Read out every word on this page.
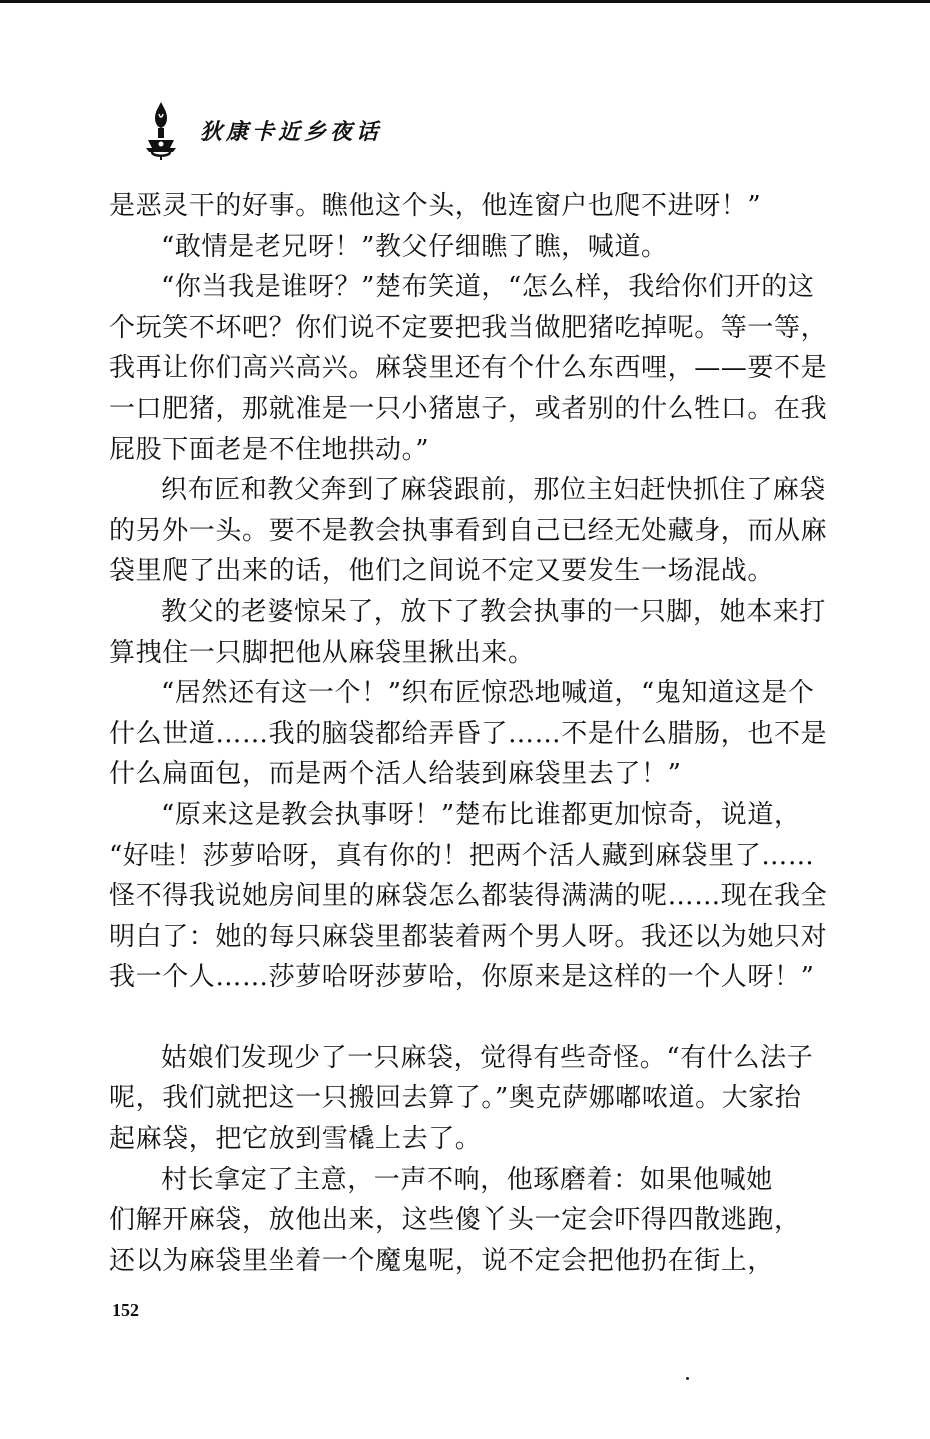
狄康卡近乡夜话
是恶灵干的好事。瞧他这个头，他连窗户也爬不进呀！”
“敢情是老兄呀！”教父仔细瞧了瞧，喊道。
“你当我是谁呀？”楚布笑道，“怎么样，我给你们开的这
个玩笑不坏吧？你们说不定要把我当做肥猪吃掉呢。等一等，
我再让你们高兴高兴。麻袋里还有个什么东西哩，——要不是
一口肥猪，那就准是一只小猪崽子，或者别的什么牲口。在我
屁股下面老是不住地拱动。”
织布匠和教父奔到了麻袋跟前，那位主妇赶快抓住了麻袋
的另外一头。要不是教会执事看到自己已经无处藏身，而从麻
袋里爬了出来的话，他们之间说不定又要发生一场混战。
教父的老婆惊呆了，放下了教会执事的一只脚，她本来打
算拽住一只脚把他从麻袋里揪出来。
“居然还有这一个！”织布匠惊恐地喊道，“鬼知道这是个
什么世道……我的脑袋都给弄昏了……不是什么腊肠，也不是
什么扁面包，而是两个活人给装到麻袋里去了！”
“原来这是教会执事呀！”楚布比谁都更加惊奇，说道，
“好哇！莎萝哈呀，真有你的！把两个活人藏到麻袋里了……
怪不得我说她房间里的麻袋怎么都装得满满的呢……现在我全
明白了：她的每只麻袋里都装着两个男人呀。我还以为她只对
我一个人……莎萝哈呀莎萝哈，你原来是这样的一个人呀！”
姑娘们发现少了一只麻袋，觉得有些奇怪。“有什么法子
呢，我们就把这一只搬回去算了。”奥克萨娜嘟哝道。大家抬
起麻袋，把它放到雪橇上去了。
村长拿定了主意，一声不响，他琢磨着：如果他喊她
们解开麻袋，放他出来，这些傻丫头一定会吓得四散逃跑，
还以为麻袋里坐着一个魔鬼呢，说不定会把他扔在街上，
152
